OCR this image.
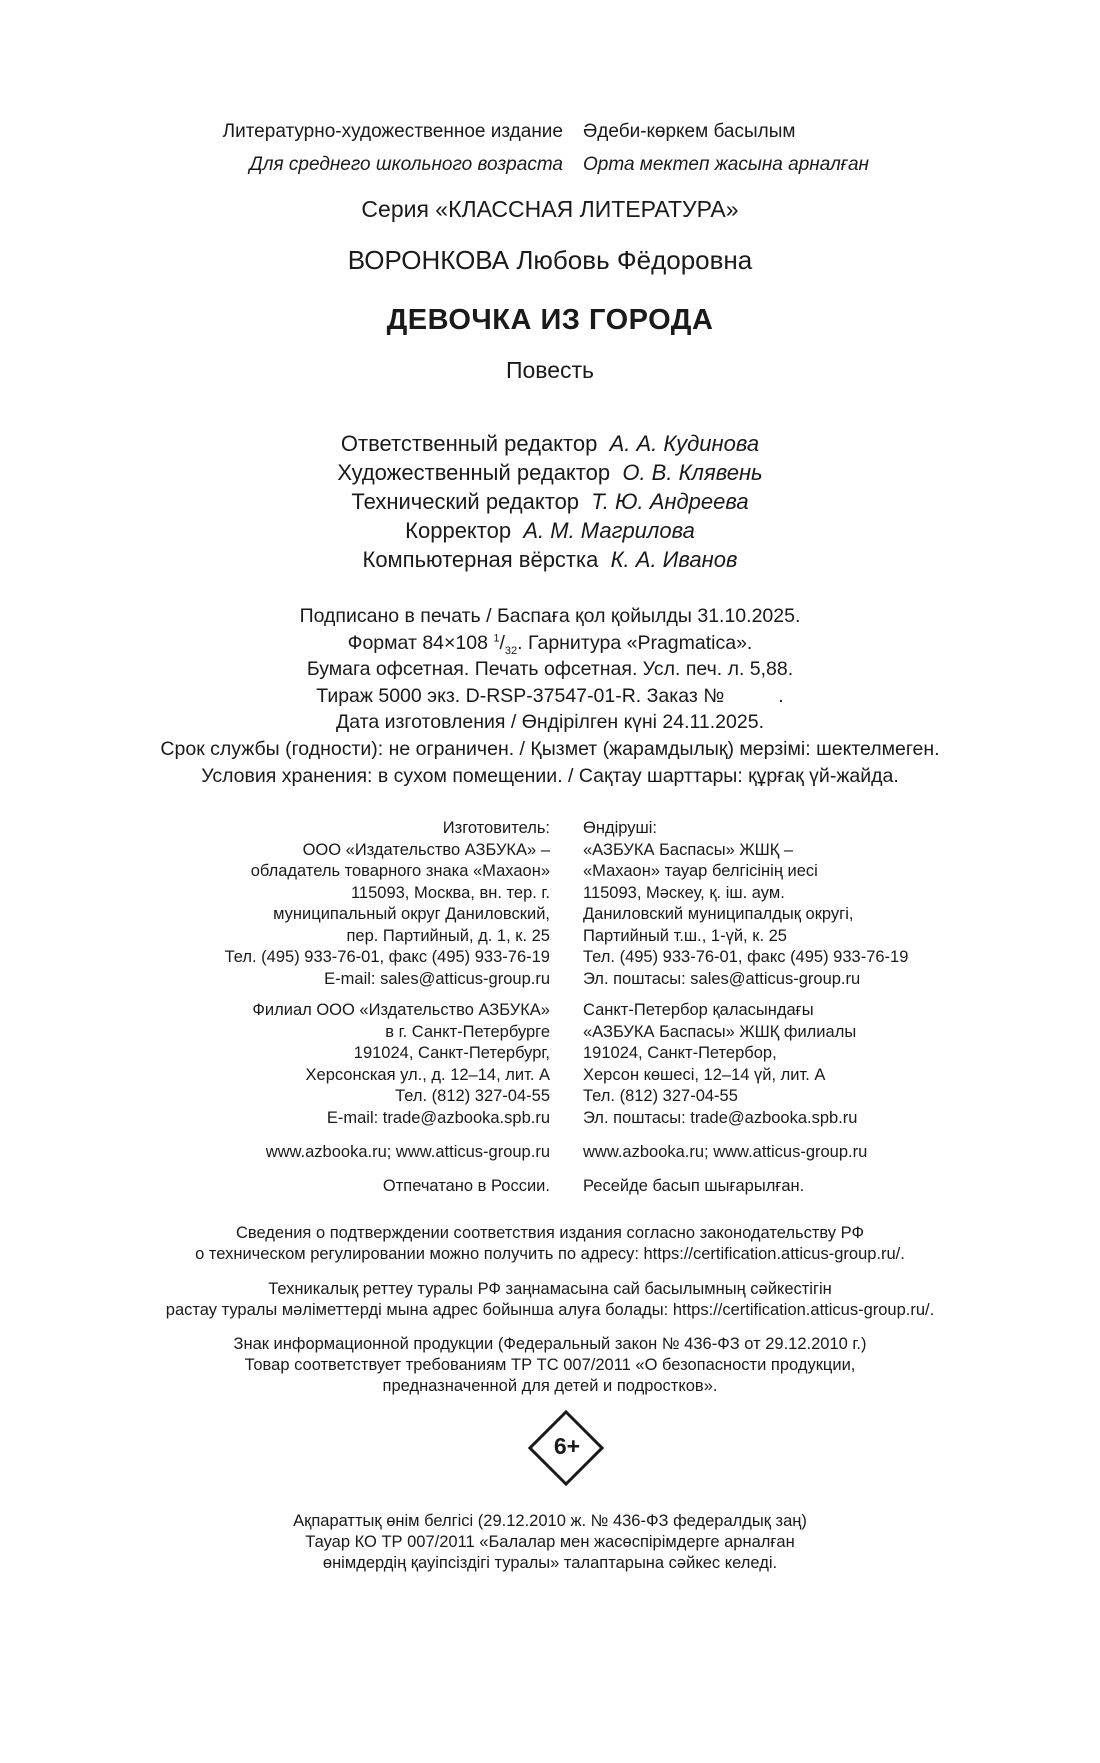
Литературно-художественное издание Әдеби-көркем басылым
Для среднего школьного возраста Орта мектеп жасына арналған
Серия «КЛАССНАЯ ЛИТЕРАТУРА»
ВОРОНКОВА Любовь Фёдоровна
ДЕВОЧКА ИЗ ГОРОДА
Повесть
Ответственный редактор А. А. Кудинова
Художественный редактор О. В. Клявень
Технический редактор Т. Ю. Андреева
Корректор А. М. Магрилова
Компьютерная вёрстка К. А. Иванов
Подписано в печать / Баспаға қол қойылды 31.10.2025.
Формат 84×108 $^1/_{32}$. Гарнитура «Pragmatica».
Бумага офсетная. Печать офсетная. Усл. печ. л. 5,88.
Тираж 5000 экз. D-RSP-37547-01-R. Заказ №	.
Дата изготовления / Өндірілген күні 24.11.2025.
Срок службы (годности): не ограничен. / Қызмет (жарамдылық) мерзімі: шектелмеген.
Условия хранения: в сухом помещении. / Сақтау шарттары: құрғақ үй-жайда.
Изготовитель:
ООО «Издательство АЗБУКА» –
обладатель товарного знака «Махаон»
115093, Москва, вн. тер. г.
муниципальный округ Даниловский,
пер. Партийный, д. 1, к. 25
Тел. (495) 933-76-01, факс (495) 933-76-19
E-mail: sales@atticus-group.ru
Өндіруші:
«АЗБУКА Баспасы» ЖШҚ –
«Махаон» тауар белгісінің иесі
115093, Мәскеу, қ. іш. аум.
Даниловский муниципалдық округі,
Партийный т.ш., 1-үй, к. 25
Тел. (495) 933-76-01, факс (495) 933-76-19
Эл. поштасы: sales@atticus-group.ru
Филиал ООО «Издательство АЗБУКА»
в г. Санкт-Петербурге
191024, Санкт-Петербург,
Херсонская ул., д. 12–14, лит. А
Тел. (812) 327-04-55
E-mail: trade@azbooka.spb.ru
Санкт-Петербор қаласындағы
«АЗБУКА Баспасы» ЖШҚ филиалы
191024, Санкт-Петербор,
Херсон көшесі, 12–14 үй, лит. А
Тел. (812) 327-04-55
Эл. поштасы: trade@azbooka.spb.ru
www.azbooka.ru; www.atticus-group.ru www.azbooka.ru; www.atticus-group.ru
Отпечатано в России. Ресейде басып шығарылған.
Сведения о подтверждении соответствия издания согласно законодательству РФ
о техническом регулировании можно получить по адресу: https://certification.atticus-group.ru/.
Техникалық реттеу туралы РФ заңнамасына сай басылымның сәйкестігін
растау туралы мәліметтерді мына адрес бойынша алуға болады: https://certification.atticus-group.ru/.
Знак информационной продукции (Федеральный закон № 436-ФЗ от 29.12.2010 г.)
Товар соответствует требованиям ТР ТС 007/2011 «О безопасности продукции,
предназначенной для детей и подростков».
6+
Ақпараттық өнім белгісі (29.12.2010 ж. № 436-ФЗ федералдық заң)
Тауар КО ТР 007/2011 «Балалар мен жасөспірімдерге арналған
өнімдердің қауіпсіздігі туралы» талаптарына сәйкес келеді.
